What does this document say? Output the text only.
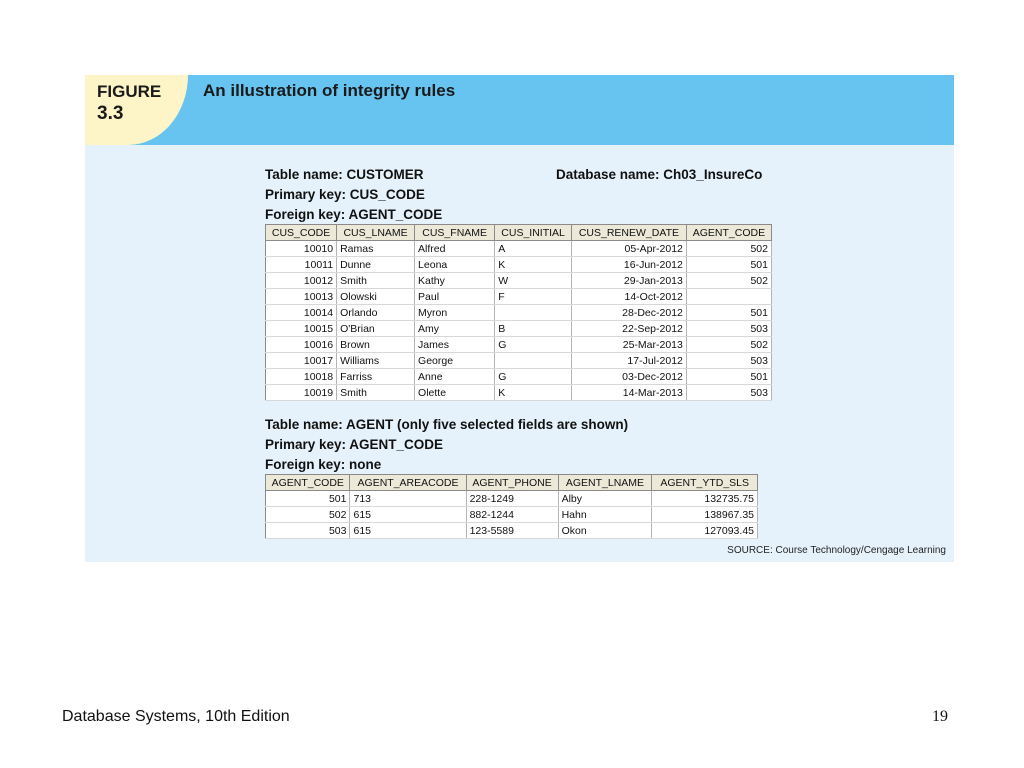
FIGURE
3.3
An illustration of integrity rules
Table name: CUSTOMER
Primary key: CUS_CODE
Foreign key: AGENT_CODE
Database name: Ch03_InsureCo
CUS_CODE	CUS_LNAME	CUS_FNAME	CUS_INITIAL	CUS_RENEW_DATE	AGENT_CODE
10010	Ramas	Alfred	A	05-Apr-2012	502
10011	Dunne	Leona	K	16-Jun-2012	501
10012	Smith	Kathy	W	29-Jan-2013	502
10013	Olowski	Paul	F	14-Oct-2012	
10014	Orlando	Myron		28-Dec-2012	501
10015	O'Brian	Amy	B	22-Sep-2012	503
10016	Brown	James	G	25-Mar-2013	502
10017	Williams	George		17-Jul-2012	503
10018	Farriss	Anne	G	03-Dec-2012	501
10019	Smith	Olette	K	14-Mar-2013	503
Table name: AGENT (only five selected fields are shown)
Primary key: AGENT_CODE
Foreign key: none
AGENT_CODE	AGENT_AREACODE	AGENT_PHONE	AGENT_LNAME	AGENT_YTD_SLS
501	713	228-1249	Alby	132735.75
502	615	882-1244	Hahn	138967.35
503	615	123-5589	Okon	127093.45
SOURCE: Course Technology/Cengage Learning
Database Systems, 10th Edition	19
